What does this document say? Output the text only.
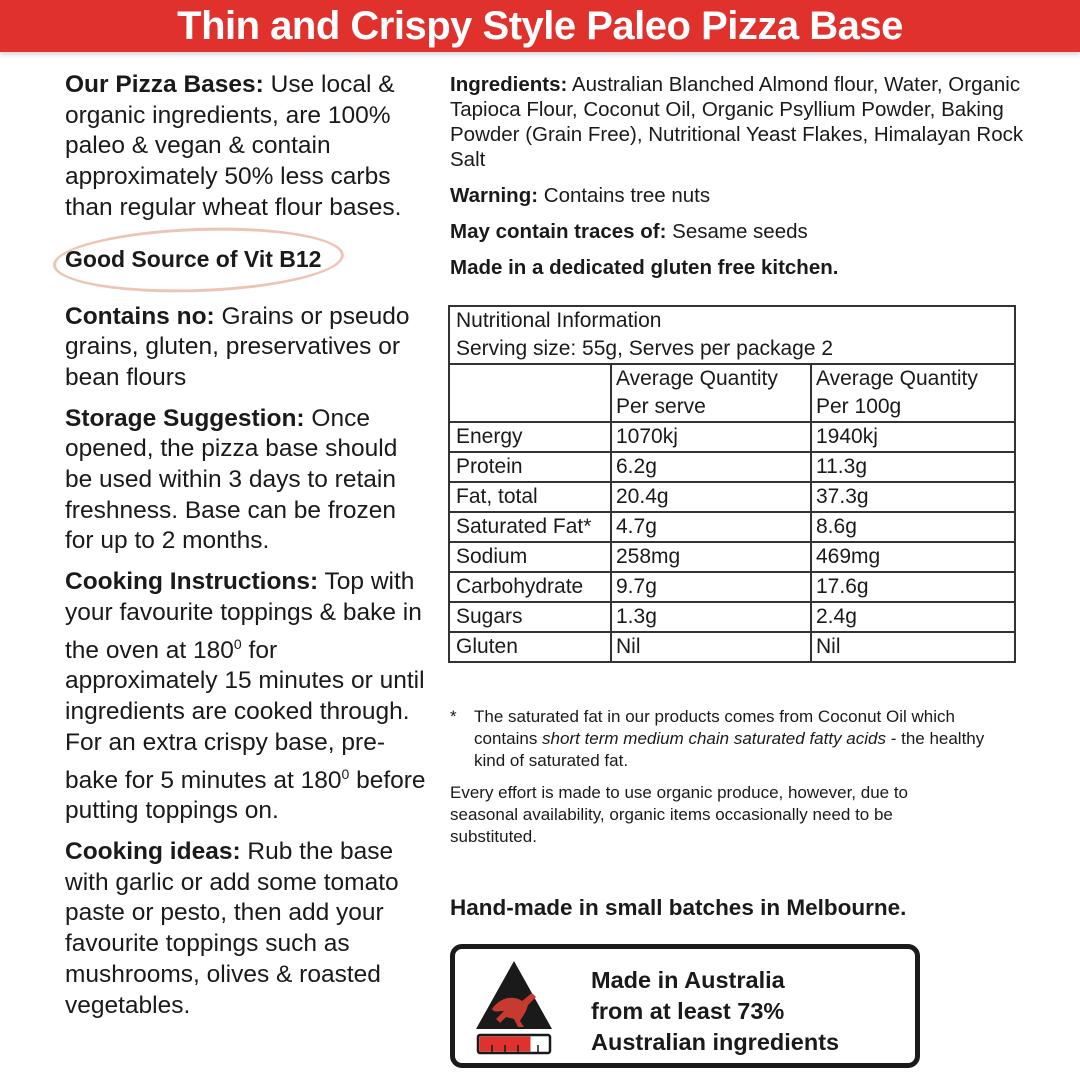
Thin and Crispy Style Paleo Pizza Base

Our Pizza Bases: Use local & organic ingredients, are 100% paleo & vegan & contain approximately 50% less carbs than regular wheat flour bases.

Good Source of Vit B12

Contains no: Grains or pseudo grains, gluten, preservatives or bean flours

Storage Suggestion: Once opened, the pizza base should be used within 3 days to retain freshness. Base can be frozen for up to 2 months.

Cooking Instructions: Top with your favourite toppings & bake in the oven at $180^0$ for approximately 15 minutes or until ingredients are cooked through. For an extra crispy base, pre-bake for 5 minutes at $180^0$ before putting toppings on.

Cooking ideas: Rub the base with garlic or add some tomato paste or pesto, then add your favourite toppings such as mushrooms, olives & roasted vegetables.

Ingredients: Australian Blanched Almond flour, Water, Organic Tapioca Flour, Coconut Oil, Organic Psyllium Powder, Baking Powder (Grain Free), Nutritional Yeast Flakes, Himalayan Rock Salt

Warning: Contains tree nuts

May contain traces of: Sesame seeds

Made in a dedicated gluten free kitchen.

Nutritional Information
Serving size: 55g, Serves per package 2		

	Average Quantity Per serve	Average Quantity Per 100g
Energy	1070kj	1940kj
Protein	6.2g	11.3g
Fat, total	20.4g	37.3g
Saturated Fat*	4.7g	8.6g
Sodium	258mg	469mg
Carbohydrate	9.7g	17.6g
Sugars	1.3g	2.4g
Gluten	Nil	Nil
*	The saturated fat in our products comes from Coconut Oil which contains short term medium chain saturated fatty acids - the healthy kind of saturated fat.
Every effort is made to use organic produce, however, due to seasonal availability, organic items occasionally need to be substituted.
Hand-made in small batches in Melbourne.
Made in Australia
from at least 73%
Australian ingredients
